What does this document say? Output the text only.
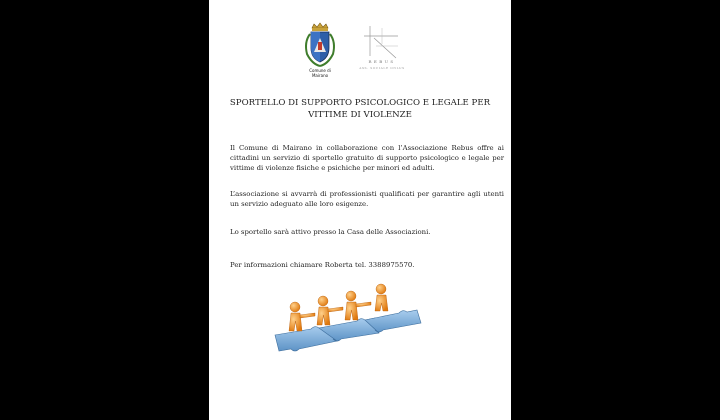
Comune di
Mairano
REBUS
ASS. SOCIALE ONLUS
SPORTELLO DI SUPPORTO PSICOLOGICO E LEGALE PER
VITTIME DI VIOLENZE
Il Comune di Mairano in collaborazione con l’Associazione Rebus offre ai cittadini un servizio di sportello gratuito di supporto psicologico e legale per vittime di violenze fisiche e psichiche per minori ed adulti.
L’associazione si avvarrà di professionisti qualificati per garantire agli utenti un servizio adeguato alle loro esigenze.
Lo sportello sarà attivo presso la Casa delle Associazioni.
Per informazioni chiamare Roberta tel. 3388975570.
